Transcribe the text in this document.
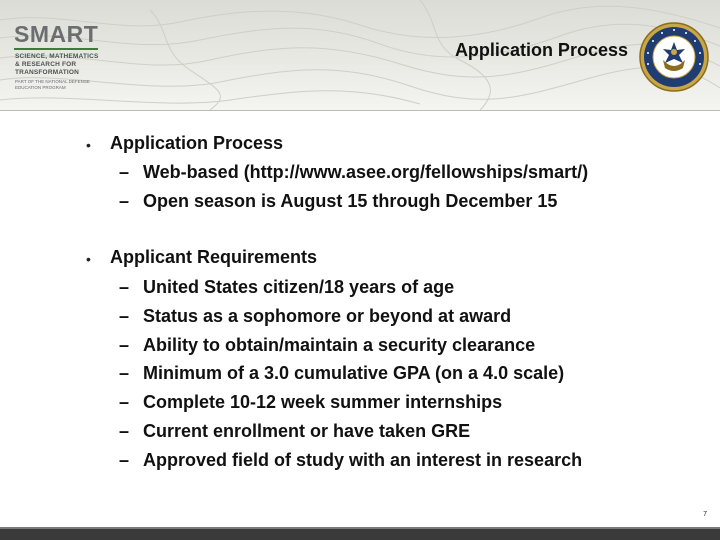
SMART
SCIENCE, MATHEMATICS
& RESEARCH FOR
TRANSFORMATION
PART OF THE NATIONAL DEFENSE
EDUCATION PROGRAM
Application Process
• Application Process
– Web-based (http://www.asee.org/fellowships/smart/)
– Open season is August 15 through December 15
• Applicant Requirements
– United States citizen/18 years of age
– Status as a sophomore or beyond at award
– Ability to obtain/maintain a security clearance
– Minimum of a 3.0 cumulative GPA (on a 4.0 scale)
– Complete 10-12 week summer internships
– Current enrollment or have taken GRE
– Approved field of study with an interest in research
7
